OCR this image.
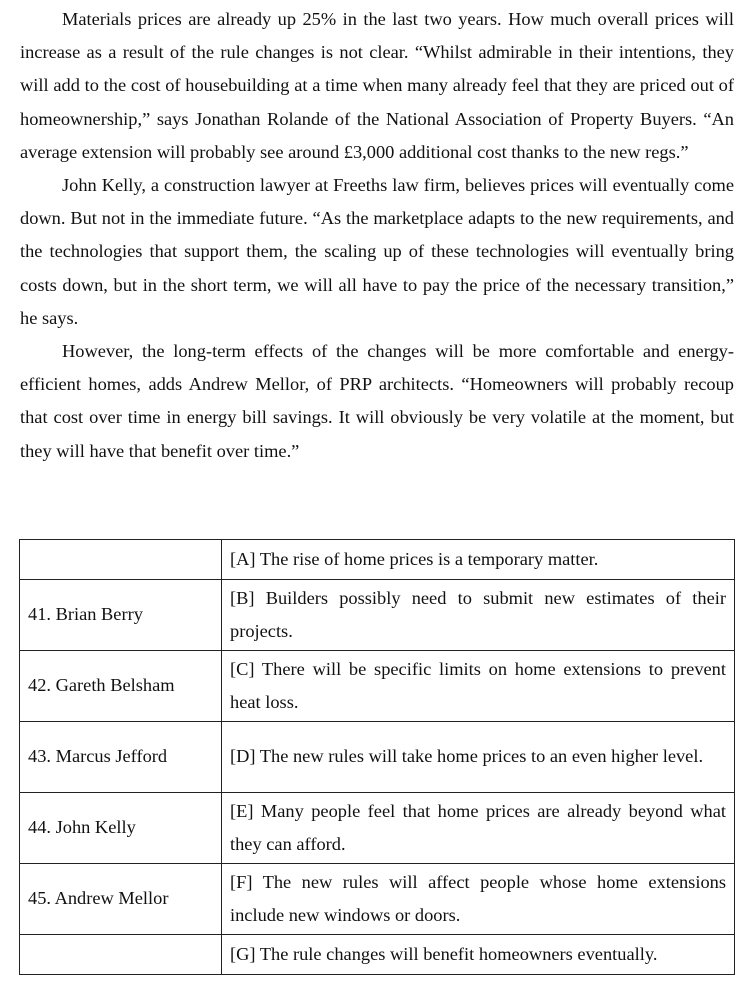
Materials prices are already up 25% in the last two years. How much overall prices will increase as a result of the rule changes is not clear. “Whilst admirable in their intentions, they will add to the cost of housebuilding at a time when many already feel that they are priced out of homeownership,” says Jonathan Rolande of the National Association of Property Buyers. “An average extension will probably see around £3,000 additional cost thanks to the new regs.”

John Kelly, a construction lawyer at Freeths law firm, believes prices will eventually come down. But not in the immediate future. “As the marketplace adapts to the new requirements, and the technologies that support them, the scaling up of these technologies will eventually bring costs down, but in the short term, we will all have to pay the price of the necessary transition,” he says.

However, the long-term effects of the changes will be more comfortable and energy-efficient homes, adds Andrew Mellor, of PRP architects. “Homeowners will probably recoup that cost over time in energy bill savings. It will obviously be very volatile at the moment, but they will have that benefit over time.”

	[A] The rise of home prices is a temporary matter.
41. Brian Berry	[B] Builders possibly need to submit new estimates of their projects.
42. Gareth Belsham	[C] There will be specific limits on home extensions to prevent heat loss.
43. Marcus Jefford	[D] The new rules will take home prices to an even higher level.
44. John Kelly	[E] Many people feel that home prices are already beyond what they can afford.
45. Andrew Mellor	[F] The new rules will affect people whose home extensions include new windows or doors.
	[G] The rule changes will benefit homeowners eventually.
